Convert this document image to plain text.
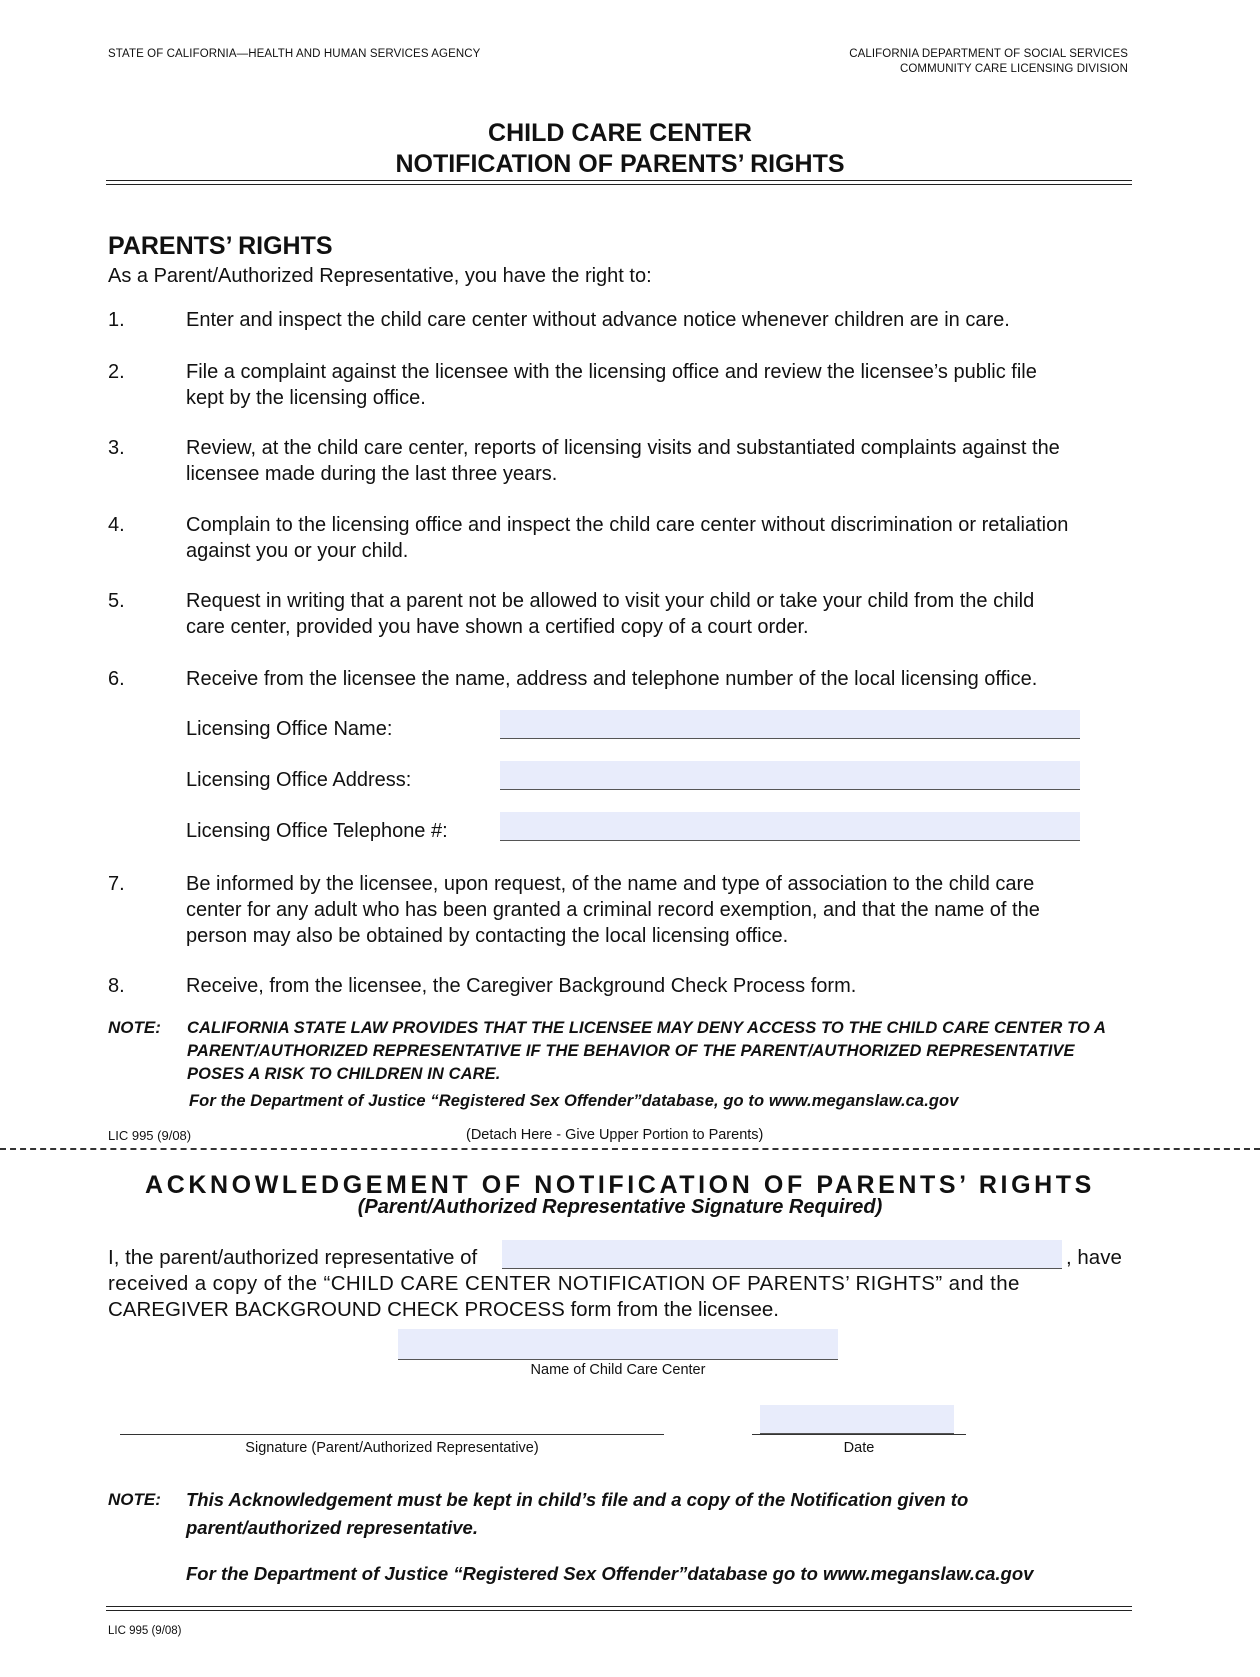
STATE OF CALIFORNIA—HEALTH AND HUMAN SERVICES AGENCY	CALIFORNIA DEPARTMENT OF SOCIAL SERVICES
COMMUNITY CARE LICENSING DIVISION
CHILD CARE CENTER
NOTIFICATION OF PARENTS’ RIGHTS
PARENTS’ RIGHTS
As a Parent/Authorized Representative, you have the right to:
1.	Enter and inspect the child care center without advance notice whenever children are in care.
2.	File a complaint against the licensee with the licensing office and review the licensee’s public file
kept by the licensing office.
3.	Review, at the child care center, reports of licensing visits and substantiated complaints against the
licensee made during the last three years.
4.	Complain to the licensing office and inspect the child care center without discrimination or retaliation
against you or your child.
5.	Request in writing that a parent not be allowed to visit your child or take your child from the child
care center, provided you have shown a certified copy of a court order.
6.	Receive from the licensee the name, address and telephone number of the local licensing office.
Licensing Office Name:
Licensing Office Address:
Licensing Office Telephone #:
7.	Be informed by the licensee, upon request, of the name and type of association to the child care
center for any adult who has been granted a criminal record exemption, and that the name of the
person may also be obtained by contacting the local licensing office.
8.	Receive, from the licensee, the Caregiver Background Check Process form.
NOTE: CALIFORNIA STATE LAW PROVIDES THAT THE LICENSEE MAY DENY ACCESS TO THE CHILD CARE CENTER TO A
PARENT/AUTHORIZED REPRESENTATIVE IF THE BEHAVIOR OF THE PARENT/AUTHORIZED REPRESENTATIVE
POSES A RISK TO CHILDREN IN CARE.
For the Department of Justice “Registered Sex Offender”database, go to www.meganslaw.ca.gov
LIC 995 (9/08)	(Detach Here - Give Upper Portion to Parents)
ACKNOWLEDGEMENT OF NOTIFICATION OF PARENTS’ RIGHTS
(Parent/Authorized Representative Signature Required)
I, the parent/authorized representative of	, have
received a copy of the “CHILD CARE CENTER NOTIFICATION OF PARENTS’ RIGHTS” and the
CAREGIVER BACKGROUND CHECK PROCESS form from the licensee.
Name of Child Care Center
Signature (Parent/Authorized Representative)	Date
NOTE: This Acknowledgement must be kept in child’s file and a copy of the Notification given to
parent/authorized representative.
For the Department of Justice “Registered Sex Offender”database go to www.meganslaw.ca.gov
LIC 995 (9/08)
